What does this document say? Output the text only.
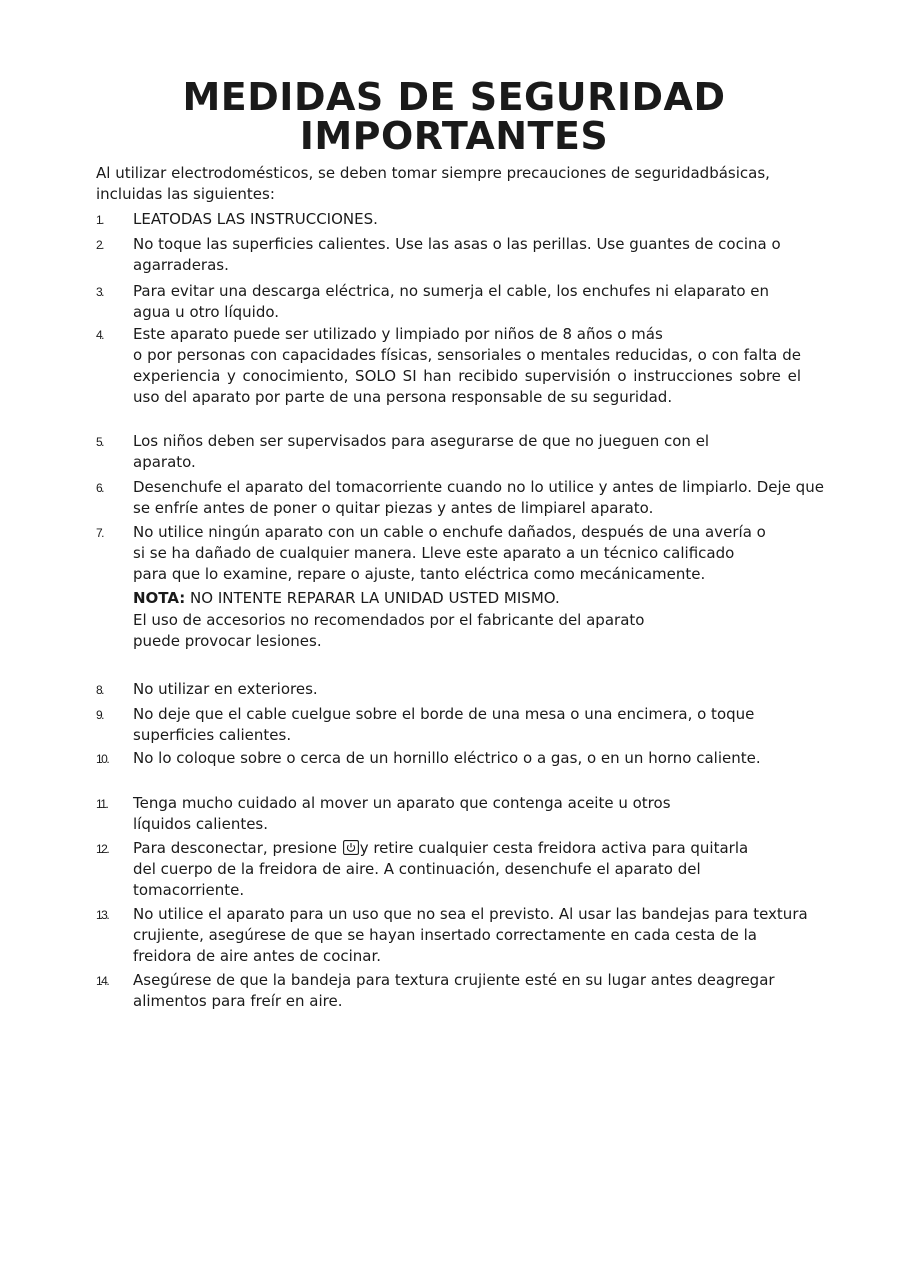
MEDIDAS DE SEGURIDAD
IMPORTANTES

Al utilizar electrodomésticos, se deben tomar siempre precauciones de seguridadbásicas, incluidas las siguientes:

1. LEATODAS LAS INSTRUCCIONES.
2. No toque las superficies calientes. Use las asas o las perillas. Use guantes de cocina o agarraderas.
3. Para evitar una descarga eléctrica, no sumerja el cable, los enchufes ni elaparato en agua u otro líquido.
4. Este aparato puede ser utilizado y limpiado por niños de 8 años o más
o por personas con capacidades físicas, sensoriales o mentales reducidas, o con falta de experiencia y conocimiento, SOLO SI han recibido supervisión o instrucciones sobre el uso del aparato por parte de una persona responsable de su seguridad.
5. Los niños deben ser supervisados para asegurarse de que no jueguen con el aparato.
6. Desenchufe el aparato del tomacorriente cuando no lo utilice y antes de limpiarlo. Deje que se enfríe antes de poner o quitar piezas y antes de limpiarel aparato.
7. No utilice ningún aparato con un cable o enchufe dañados, después de una avería o si se ha dañado de cualquier manera. Lleve este aparato a un técnico calificado para que lo examine, repare o ajuste, tanto eléctrica como mecánicamente.
NOTA: NO INTENTE REPARAR LA UNIDAD USTED MISMO.
El uso de accesorios no recomendados por el fabricante del aparato puede provocar lesiones.
8. No utilizar en exteriores.
9. No deje que el cable cuelgue sobre el borde de una mesa o una encimera, o toque superficies calientes.
10. No lo coloque sobre o cerca de un hornillo eléctrico o a gas, o en un horno caliente.
11. Tenga mucho cuidado al mover un aparato que contenga aceite u otros líquidos calientes.
12. Para desconectar, presione y retire cualquier cesta freidora activa para quitarla del cuerpo de la freidora de aire. A continuación, desenchufe el aparato del tomacorriente.
13. No utilice el aparato para un uso que no sea el previsto. Al usar las bandejas para textura crujiente, asegúrese de que se hayan insertado correctamente en cada cesta de la freidora de aire antes de cocinar.
14. Asegúrese de que la bandeja para textura crujiente esté en su lugar antes deagregar alimentos para freír en aire.
